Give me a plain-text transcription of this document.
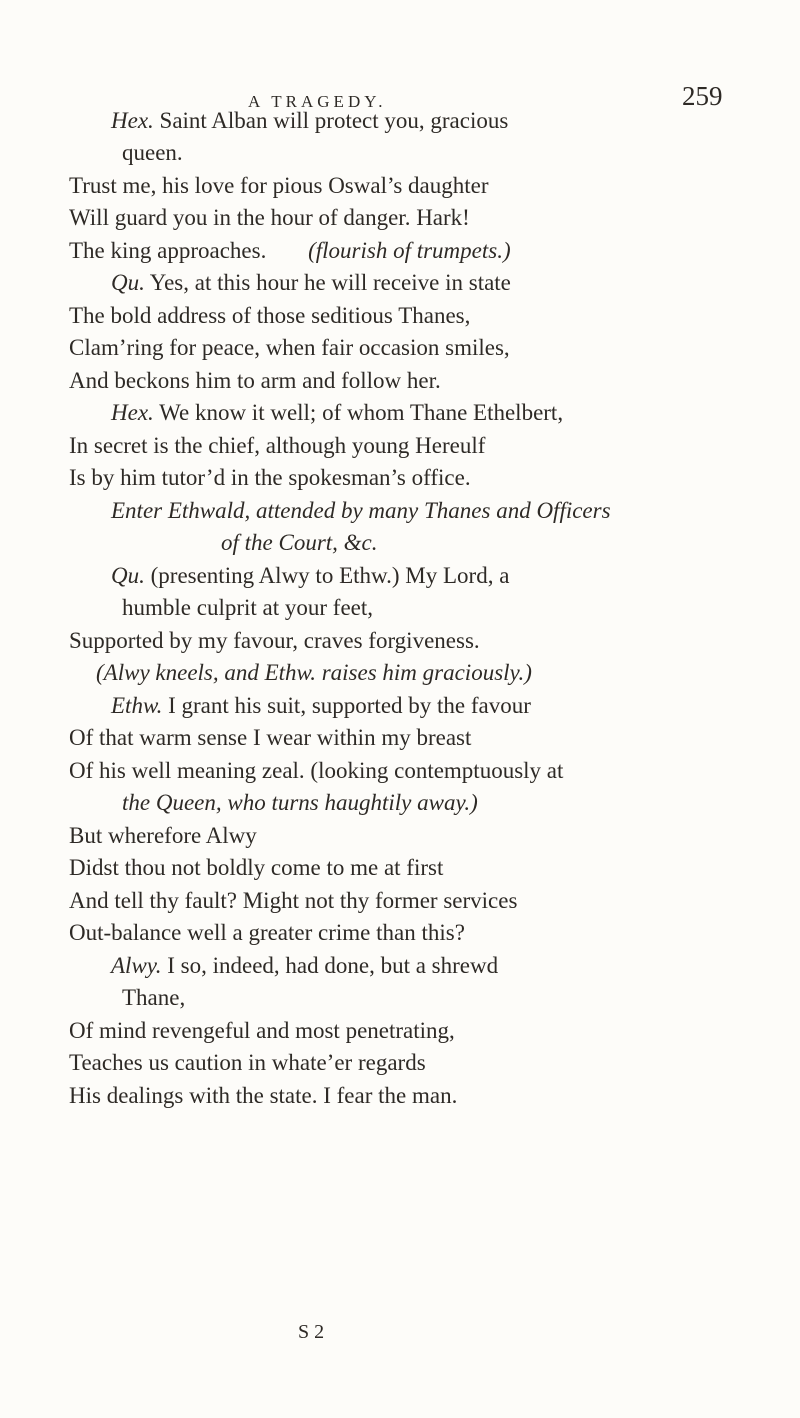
A TRAGEDY.	259
Hex. Saint Alban will protect you, gracious
queen.
Trust me, his love for pious Oswal’s daughter
Will guard you in the hour of danger. Hark!
The king approaches. (flourish of trumpets.)
Qu. Yes, at this hour he will receive in state
The bold address of those seditious Thanes,
Clam’ring for peace, when fair occasion smiles,
And beckons him to arm and follow her.
Hex. We know it well; of whom Thane Ethelbert,
In secret is the chief, although young Hereulf
Is by him tutor’d in the spokesman’s office.
Enter Ethwald, attended by many Thanes and Officers
of the Court, &c.
Qu. (presenting Alwy to Ethw.) My Lord, a
humble culprit at your feet,
Supported by my favour, craves forgiveness.
(Alwy kneels, and Ethw. raises him graciously.)
Ethw. I grant his suit, supported by the favour
Of that warm sense I wear within my breast
Of his well meaning zeal. (looking contemptuously at
the Queen, who turns haughtily away.)
But wherefore Alwy
Didst thou not boldly come to me at first
And tell thy fault? Might not thy former services
Out-balance well a greater crime than this?
Alwy. I so, indeed, had done, but a shrewd
Thane,
Of mind revengeful and most penetrating,
Teaches us caution in whate’er regards
His dealings with the state. I fear the man.
S 2
